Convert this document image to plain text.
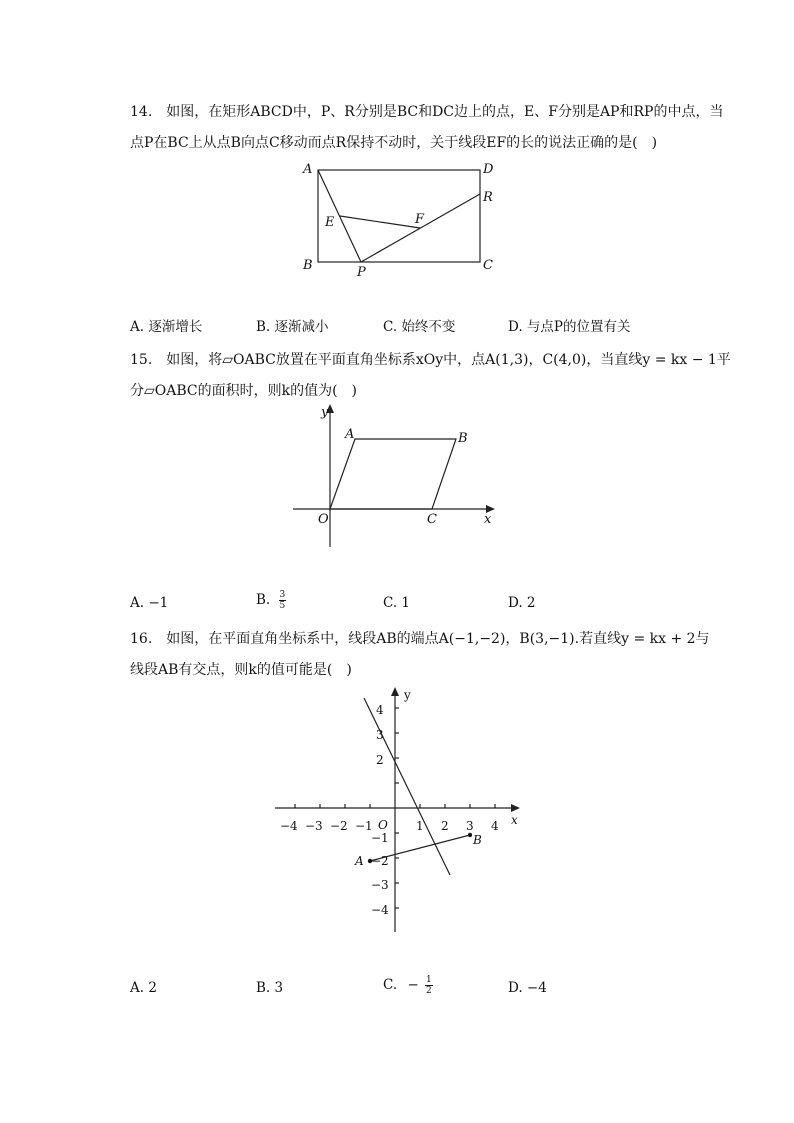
14. 如图，在矩形ABCD中，P、R分别是BC和DC边上的点，E、F分别是AP和RP的中点，当
点P在BC上从点B向点C移动而点R保持不动时，关于线段EF的长的说法正确的是( )
A	D
R
E	F
B	P	C
A. 逐渐增长	B. 逐渐减小	C. 始终不变	D. 与点P的位置有关
15. 如图，将▱OABC放置在平面直角坐标系xOy中，点A(1,3)，C(4,0)，当直线y = kx − 1平
分▱OABC的面积时，则k的值为( )
y
A	B
O	C	x
A. −1	B. $\frac{3}{5}$	C. 1	D. 2
16. 如图，在平面直角坐标系中，线段AB的端点A(−1,−2)，B(3,−1).若直线y = kx + 2与
线段AB有交点，则k的值可能是( )
y
x
O
A
B
−4 −3 −2 −1	1 2 3 4
4
3
2
−1
−2
−3
−4
A. 2	B. 3	C. − $\frac{1}{2}$	D. −4
